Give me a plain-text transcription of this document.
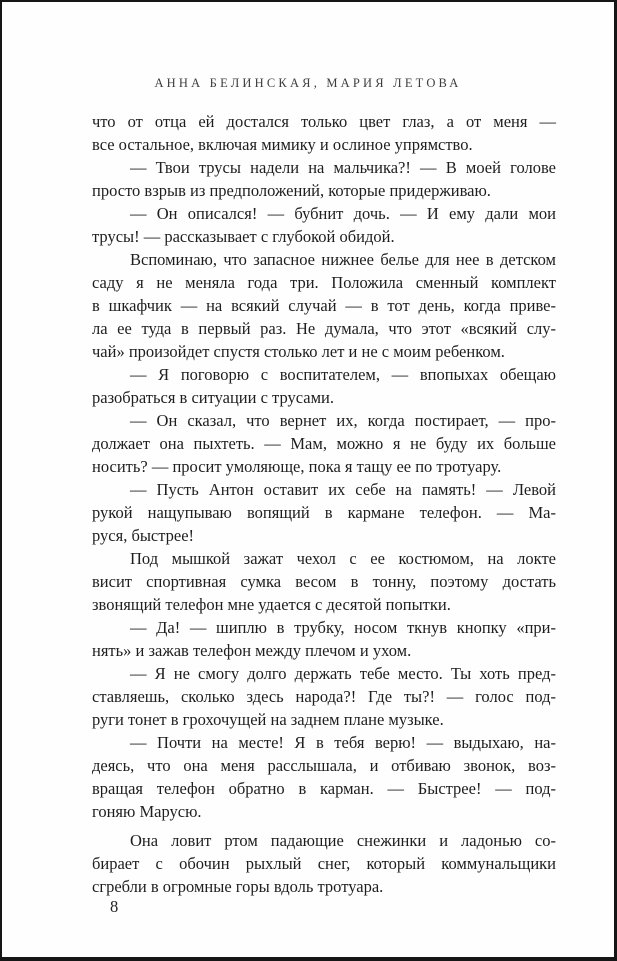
АННА БЕЛИНСКАЯ, МАРИЯ ЛЕТОВА
что от отца ей достался только цвет глаз, а от меня —
все остальное, включая мимику и ослиное упрямство.
— Твои трусы надели на мальчика?! — В моей голове
просто взрыв из предположений, которые придерживаю.
— Он описался! — бубнит дочь. — И ему дали мои
трусы! — рассказывает с глубокой обидой.
Вспоминаю, что запасное нижнее белье для нее в детском
саду я не меняла года три. Положила сменный комплект
в шкафчик — на всякий случай — в тот день, когда приве-
ла ее туда в первый раз. Не думала, что этот «всякий слу-
чай» произойдет спустя столько лет и не с моим ребенком.
— Я поговорю с воспитателем, — впопыхах обещаю
разобраться в ситуации с трусами.
— Он сказал, что вернет их, когда постирает, — про-
должает она пыхтеть. — Мам, можно я не буду их больше
носить? — просит умоляюще, пока я тащу ее по тротуару.
— Пусть Антон оставит их себе на память! — Левой
рукой нащупываю вопящий в кармане телефон. — Ма-
руся, быстрее!
Под мышкой зажат чехол с ее костюмом, на локте
висит спортивная сумка весом в тонну, поэтому достать
звонящий телефон мне удается с десятой попытки.
— Да! — шиплю в трубку, носом ткнув кнопку «при-
нять» и зажав телефон между плечом и ухом.
— Я не смогу долго держать тебе место. Ты хоть пред-
ставляешь, сколько здесь народа?! Где ты?! — голос под-
руги тонет в грохочущей на заднем плане музыке.
— Почти на месте! Я в тебя верю! — выдыхаю, на-
деясь, что она меня расслышала, и отбиваю звонок, воз-
вращая телефон обратно в карман. — Быстрее! — под-
гоняю Марусю.
Она ловит ртом падающие снежинки и ладонью со-
бирает с обочин рыхлый снег, который коммунальщики
сгребли в огромные горы вдоль тротуара.
8
